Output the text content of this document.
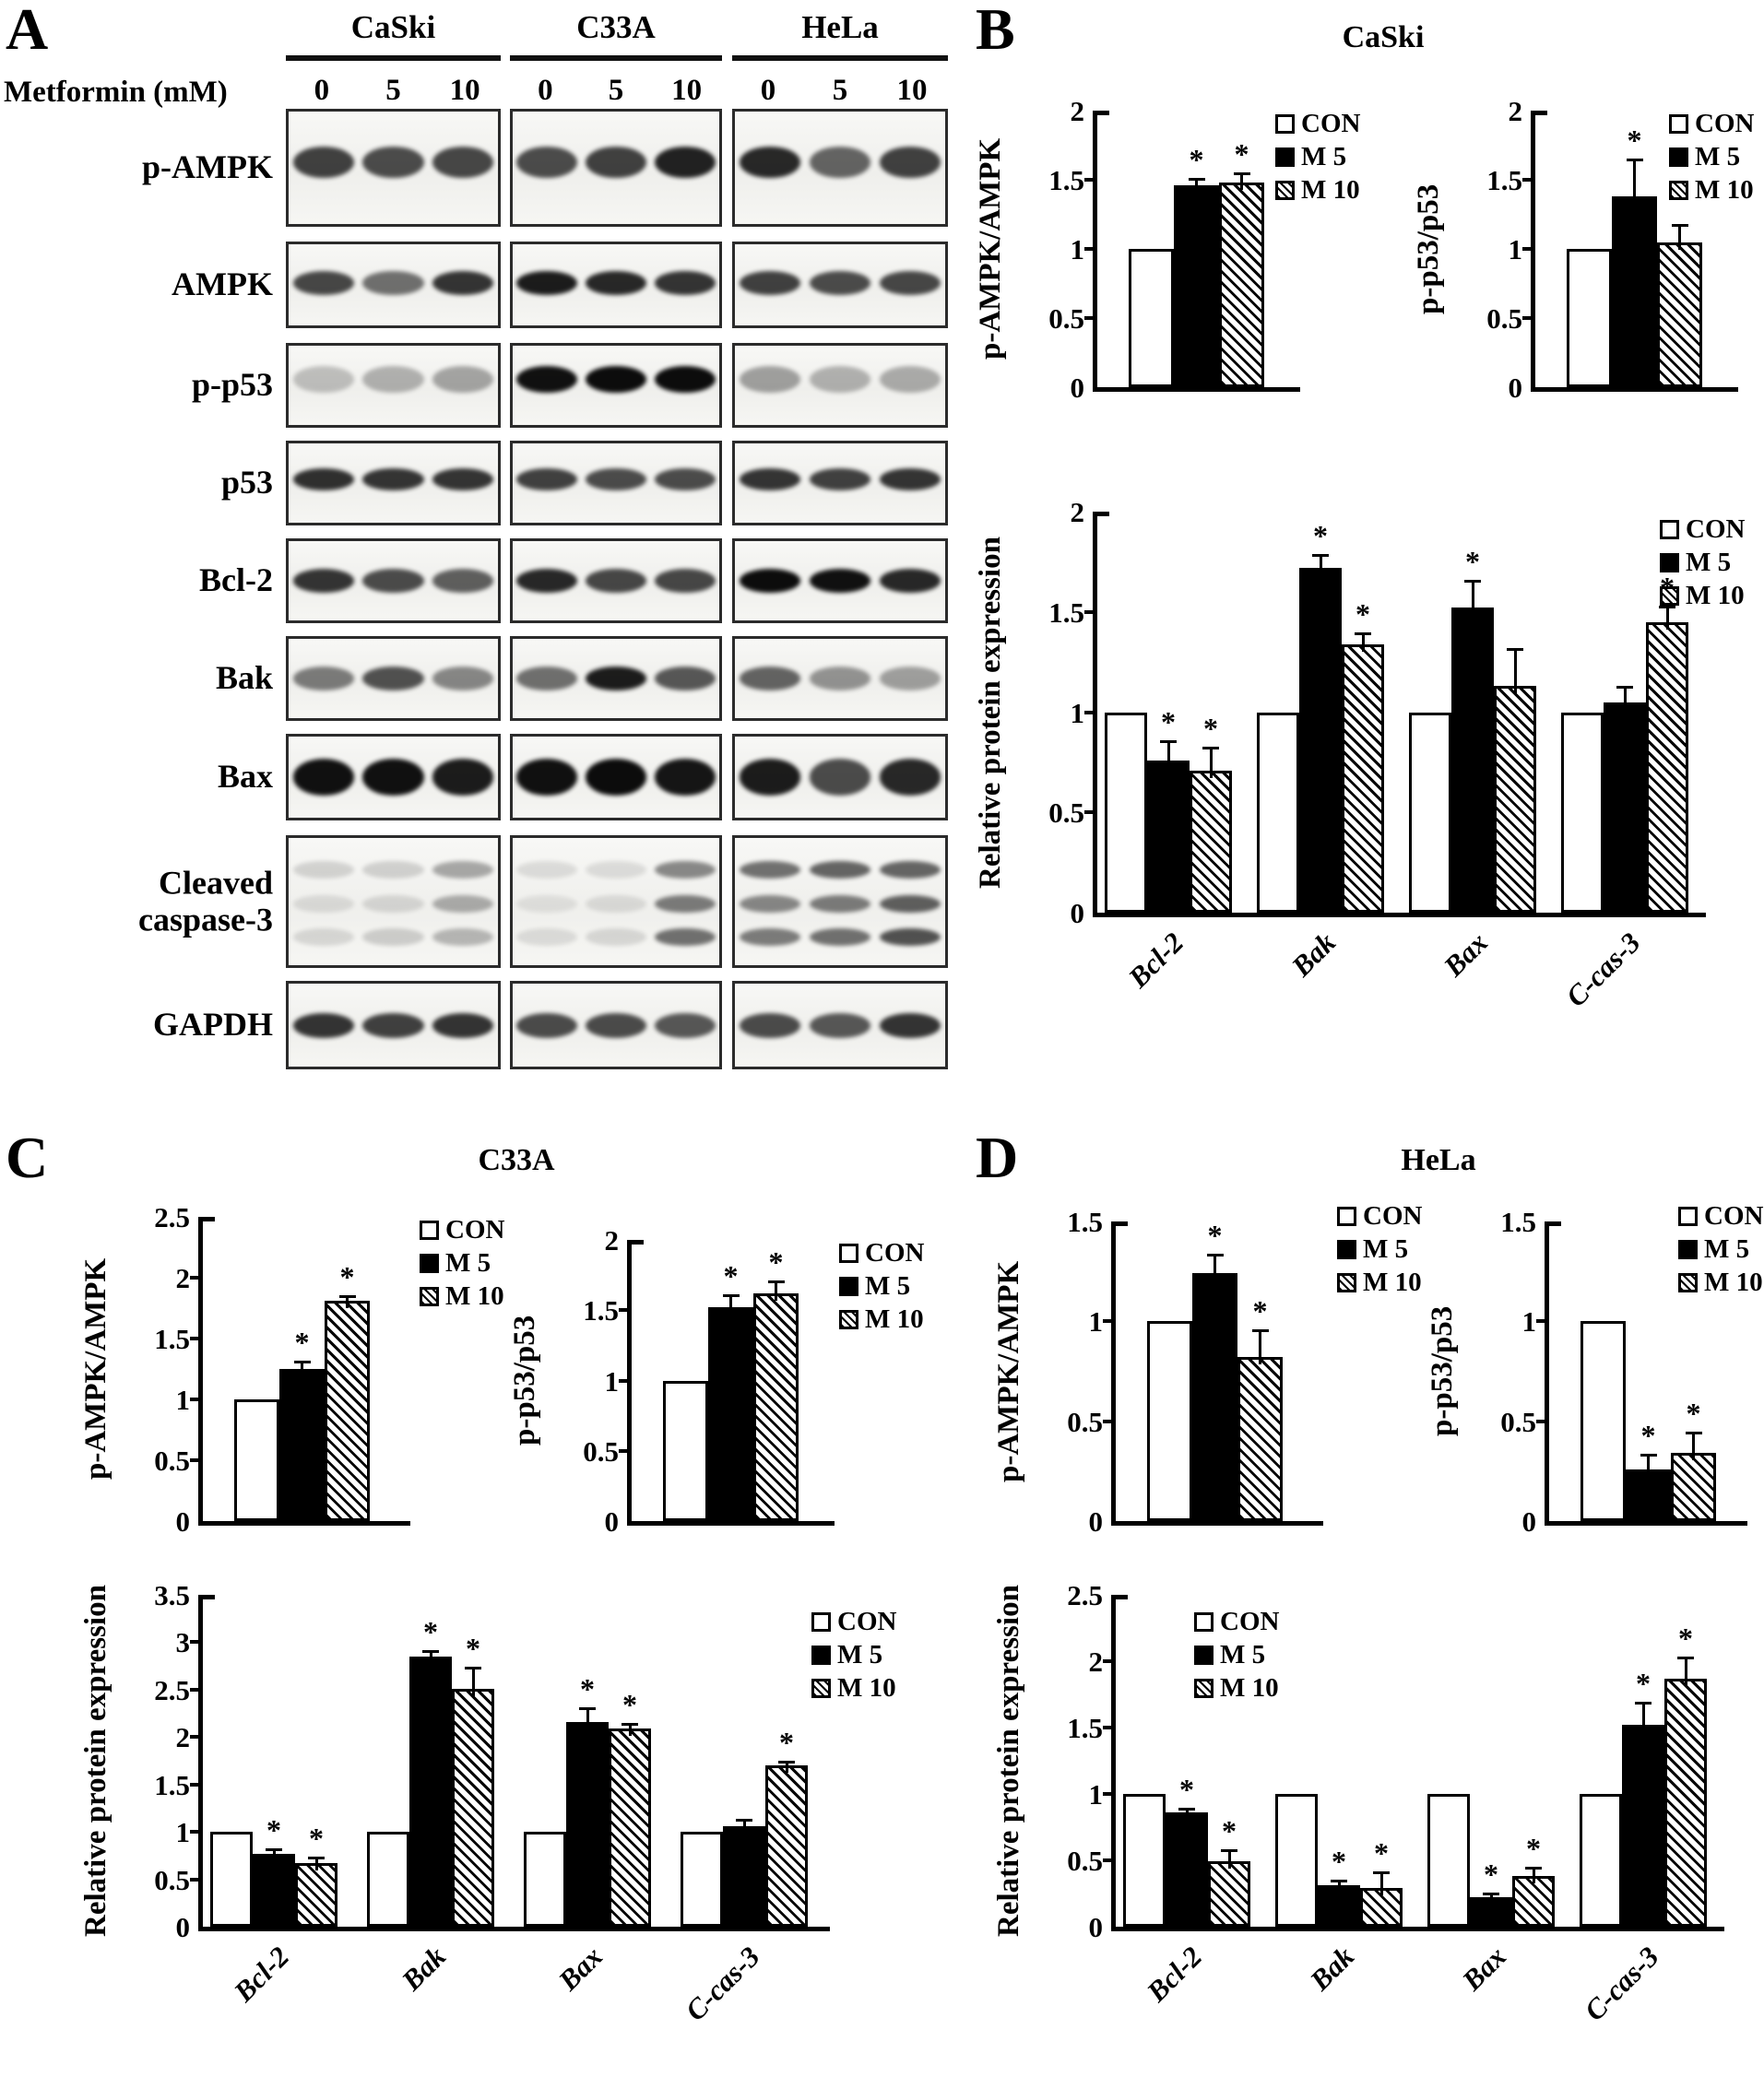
A	B
C	D
CaSki
C33A	HeLa
Metformin (mM)
CaSki	C33A	HeLa
0 5 10 0 5 10 0 5 10
p-AMPK
AMPK
p-p53
p53
Bcl-2
Bak
Bax
Cleaved caspase-3
GAPDH
0
0.5
1
1.5
2
p-AMPK/AMPK	* *
CON
M 5
M 10
0
0.5
1
1.5
2
p-p53/p53
* CON
M 5
M 10
0
0.5
1
1.5
2
Relative protein expression	*
*
*
*
*
Bcl-2	Bak	Bax C-cas-3
CON
M 5
M 10
0
0.5
1
1.5
2
2.5
p-AMPK/AMPK	*
*
CON
M 5
M 10
0
0.5
1
1.5
2
p-p53/p53
* *	CON
M 5
M 10
0
0.5
1
1.5
2
2.5
3
3.5
Relative protein expression	*
*
*
*
*
*
*
Bcl-2	Bak	Bax C-cas-3
CON
M 5
M 10
0
0.5
1
1.5
p-AMPK/AMPK
*
*
CON
M 5
M 10
0
0.5
1
1.5
p-p53/p53	*
*
CON
M 5
M 10
0
0.5
1
1.5
2
2.5
Relative protein expression	*
*	*
*
*
*	*
*
Bcl-2	Bak	Bax C-cas-3
CON
M 5
M 10
